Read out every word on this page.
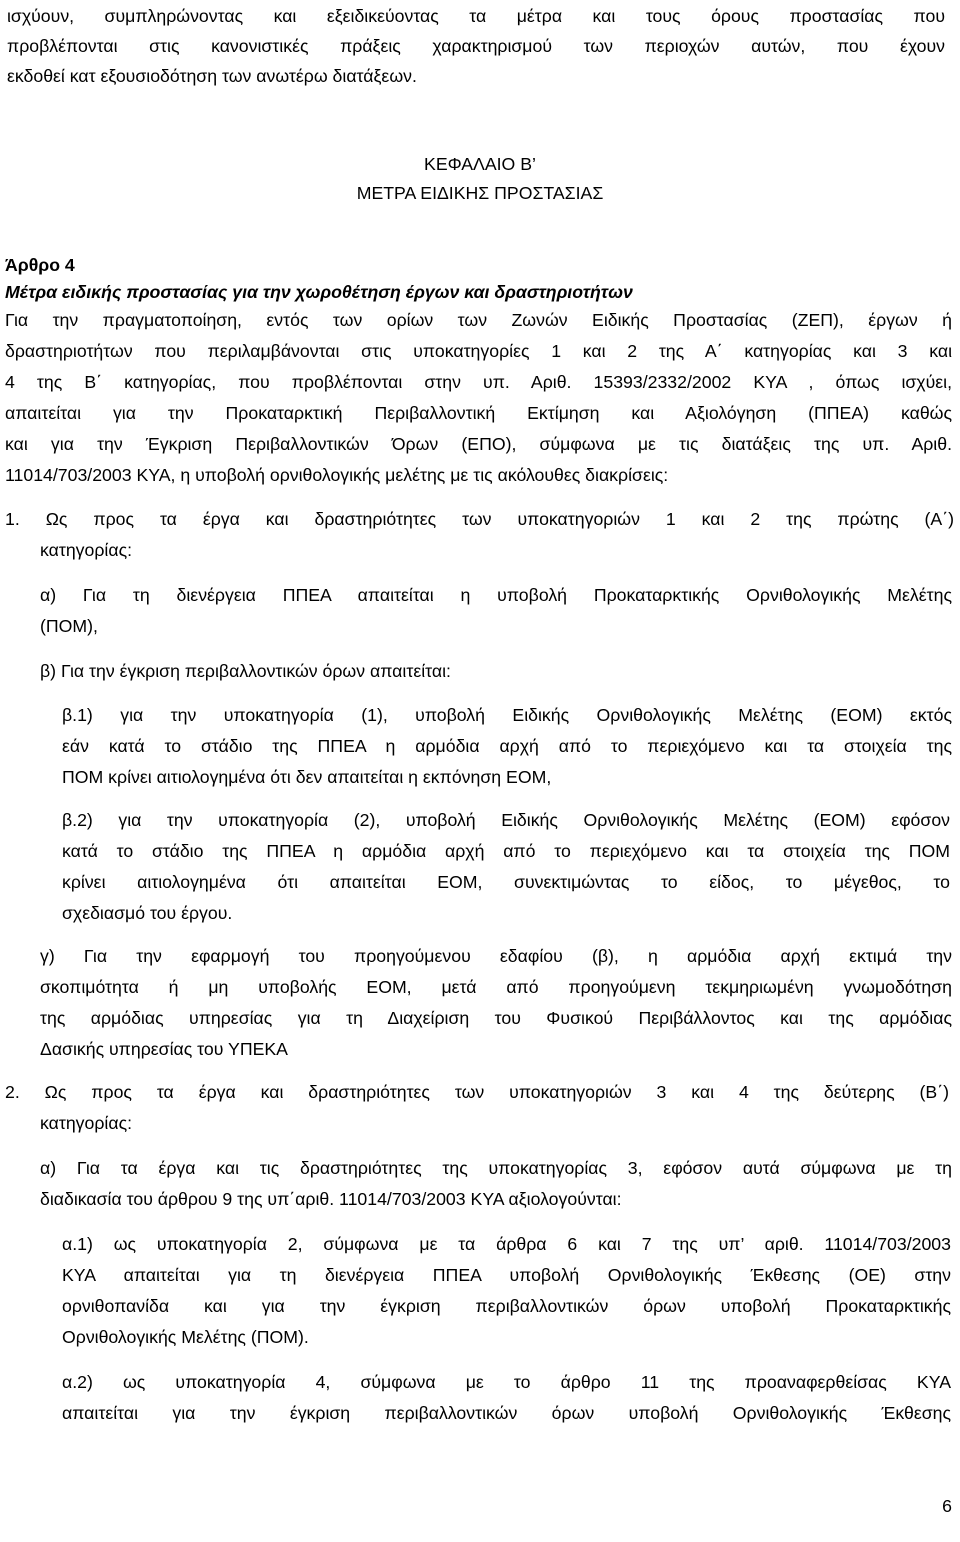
ισχύουν, συμπληρώνοντας και εξειδικεύοντας τα μέτρα και τους όρους προστασίας που
προβλέπονται στις κανονιστικές πράξεις χαρακτηρισμού των περιοχών αυτών, που έχουν
εκδοθεί κατ εξουσιοδότηση των ανωτέρω διατάξεων.
ΚΕΦΑΛΑΙΟ Β’
ΜΕΤΡΑ ΕΙΔΙΚΗΣ ΠΡΟΣΤΑΣΙΑΣ
Άρθρο 4
Μέτρα ειδικής προστασίας για την χωροθέτηση έργων και δραστηριοτήτων
Για την πραγματοποίηση, εντός των ορίων των Ζωνών Ειδικής Προστασίας (ΖΕΠ), έργων ή
δραστηριοτήτων που περιλαμβάνονται στις υποκατηγορίες 1 και 2 της Α΄ κατηγορίας και 3 και
4 της Β΄ κατηγορίας, που προβλέπονται στην υπ. Αριθ. 15393/2332/2002 ΚΥΑ , όπως ισχύει,
απαιτείται για την Προκαταρκτική Περιβαλλοντική Εκτίμηση και Αξιολόγηση (ΠΠΕΑ) καθώς
και για την Έγκριση Περιβαλλοντικών Όρων (ΕΠΟ), σύμφωνα με τις διατάξεις της υπ. Αριθ.
11014/703/2003 ΚΥΑ, η υποβολή ορνιθολογικής μελέτης με τις ακόλουθες διακρίσεις:
1. Ως προς τα έργα και δραστηριότητες των υποκατηγοριών 1 και 2 της πρώτης (Α΄)
κατηγορίας:
α) Για τη διενέργεια ΠΠΕΑ απαιτείται η υποβολή Προκαταρκτικής Ορνιθολογικής Μελέτης
(ΠΟΜ),
β) Για την έγκριση περιβαλλοντικών όρων απαιτείται:
β.1) για την υποκατηγορία (1), υποβολή Ειδικής Ορνιθολογικής Μελέτης (ΕΟΜ) εκτός
εάν κατά το στάδιο της ΠΠΕΑ η αρμόδια αρχή από το περιεχόμενο και τα στοιχεία της
ΠΟΜ κρίνει αιτιολογημένα ότι δεν απαιτείται η εκπόνηση ΕΟΜ,
β.2) για την υποκατηγορία (2), υποβολή Ειδικής Ορνιθολογικής Μελέτης (ΕΟΜ) εφόσον
κατά το στάδιο της ΠΠΕΑ η αρμόδια αρχή από το περιεχόμενο και τα στοιχεία της ΠΟΜ
κρίνει αιτιολογημένα ότι απαιτείται ΕΟΜ, συνεκτιμώντας το είδος, το μέγεθος, το
σχεδιασμό του έργου.
γ) Για την εφαρμογή του προηγούμενου εδαφίου (β), η αρμόδια αρχή εκτιμά την
σκοπιμότητα ή μη υποβολής ΕΟΜ, μετά από προηγούμενη τεκμηριωμένη γνωμοδότηση
της αρμόδιας υπηρεσίας για τη Διαχείριση του Φυσικού Περιβάλλοντος και της αρμόδιας
Δασικής υπηρεσίας του ΥΠΕΚΑ
2. Ως προς τα έργα και δραστηριότητες των υποκατηγοριών 3 και 4 της δεύτερης (Β΄)
κατηγορίας:
α) Για τα έργα και τις δραστηριότητες της υποκατηγορίας 3, εφόσον αυτά σύμφωνα με τη
διαδικασία του άρθρου 9 της υπ΄αριθ. 11014/703/2003 ΚΥΑ αξιολογούνται:
α.1) ως υποκατηγορία 2, σύμφωνα με τα άρθρα 6 και 7 της υπ’ αριθ. 11014/703/2003
ΚΥΑ απαιτείται για τη διενέργεια ΠΠΕΑ υποβολή Ορνιθολογικής Έκθεσης (ΟΕ) στην
ορνιθοπανίδα και για την έγκριση περιβαλλοντικών όρων υποβολή Προκαταρκτικής
Ορνιθολογικής Μελέτης (ΠΟΜ).
α.2) ως υποκατηγορία 4, σύμφωνα με το άρθρο 11 της προαναφερθείσας ΚΥΑ
απαιτείται για την έγκριση περιβαλλοντικών όρων υποβολή Ορνιθολογικής Έκθεσης
6
